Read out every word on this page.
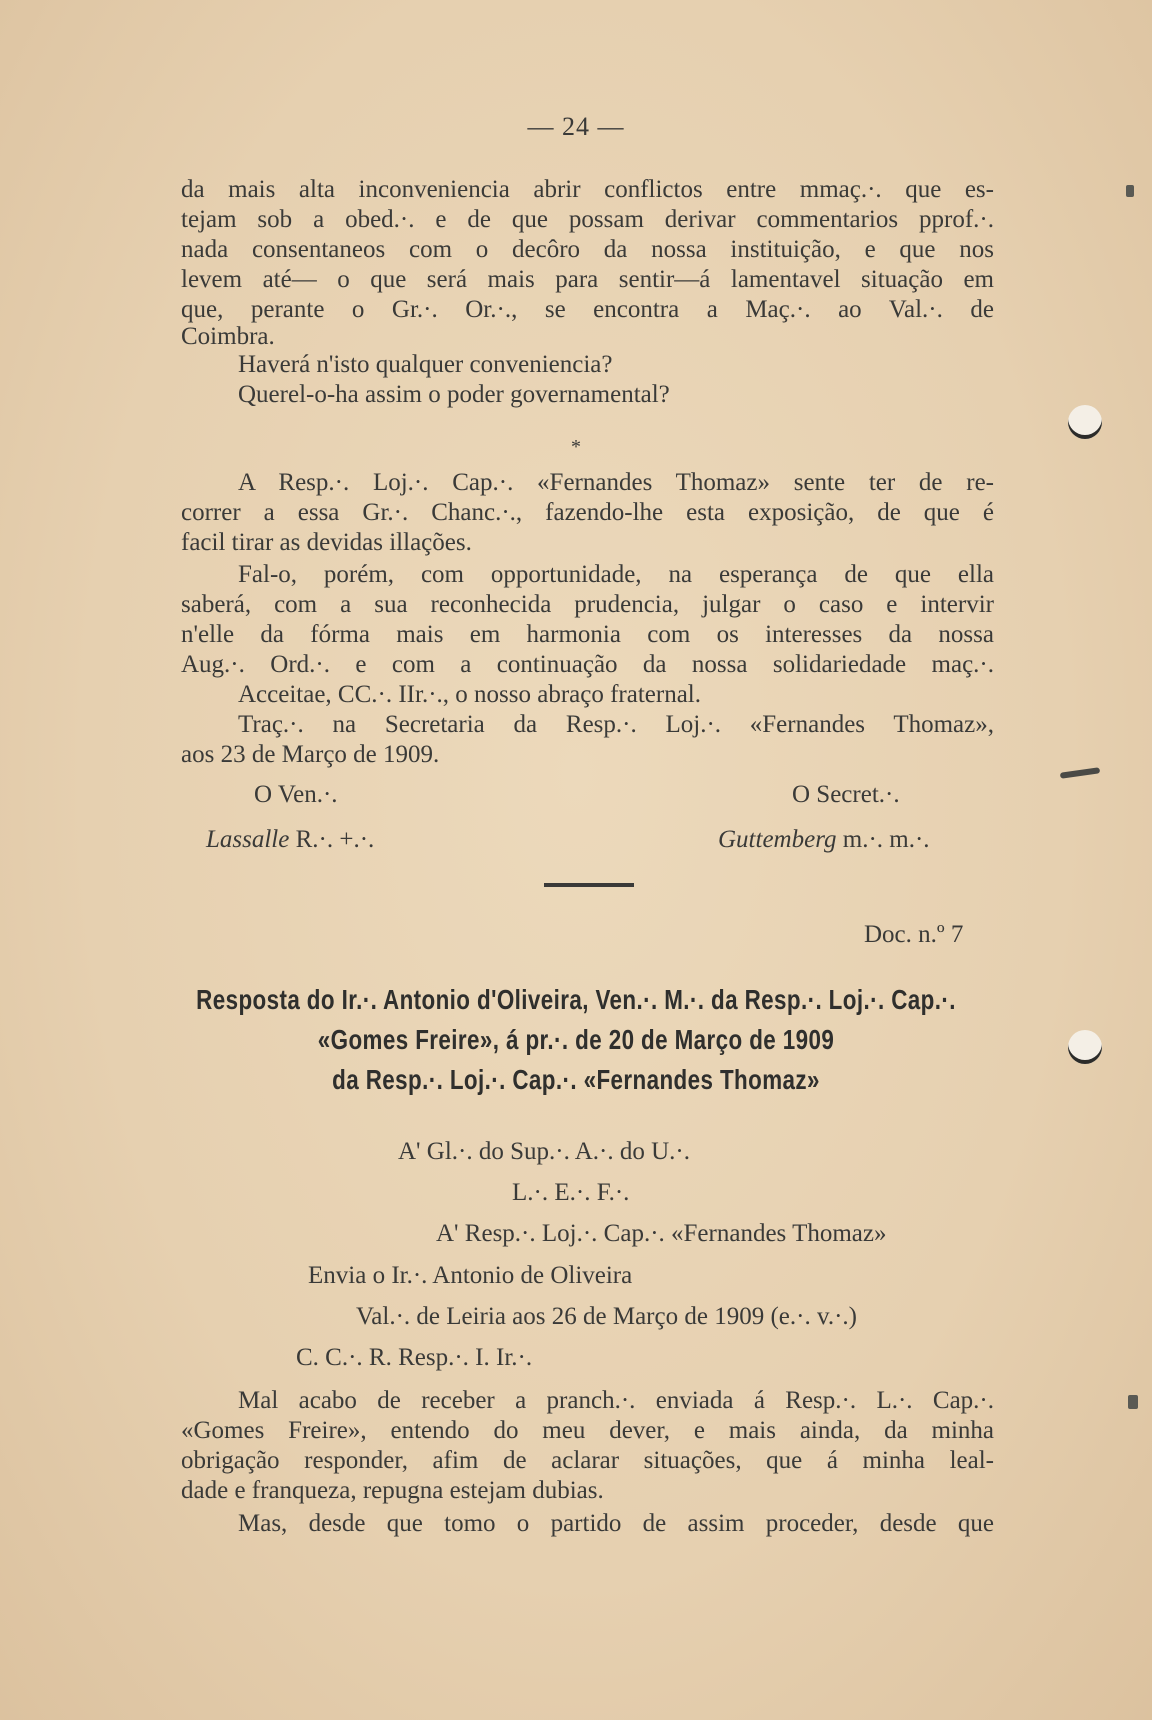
— 24 —
da mais alta inconveniencia abrir conflictos entre mmaç.·. que es-
tejam sob a obed.·. e de que possam derivar commentarios pprof.·.
nada consentaneos com o decôro da nossa instituição, e que nos
levem até— o que será mais para sentir—á lamentavel situação em
que, perante o Gr.·. Or.·., se encontra a Maç.·. ao Val.·. de
Coimbra.
Haverá n'isto qualquer conveniencia?
Querel-o-ha assim o poder governamental?
*
A Resp.·. Loj.·. Cap.·. «Fernandes Thomaz» sente ter de re-
correr a essa Gr.·. Chanc.·., fazendo-lhe esta exposição, de que é
facil tirar as devidas illações.
Fal-o, porém, com opportunidade, na esperança de que ella
saberá, com a sua reconhecida prudencia, julgar o caso e intervir
n'elle da fórma mais em harmonia com os interesses da nossa
Aug.·. Ord.·. e com a continuação da nossa solidariedade maç.·.
Acceitae, CC.·. IIr.·., o nosso abraço fraternal.
Traç.·. na Secretaria da Resp.·. Loj.·. «Fernandes Thomaz»,
aos 23 de Março de 1909.
O Ven.·.
Lassalle R.·. +.·.
O Secret.·.
Guttemberg m.·. m.·.
Doc. n.º 7
Resposta do Ir.·. Antonio d'Oliveira, Ven.·. M.·. da Resp.·. Loj.·. Cap.·.
«Gomes Freire», á pr.·. de 20 de Março de 1909
da Resp.·. Loj.·. Cap.·. «Fernandes Thomaz»
A' Gl.·. do Sup.·. A.·. do U.·.
L.·. E.·. F.·.
A' Resp.·. Loj.·. Cap.·. «Fernandes Thomaz»
Envia o Ir.·. Antonio de Oliveira
Val.·. de Leiria aos 26 de Março de 1909 (e.·. v.·.)
C. C.·. R. Resp.·. I. Ir.·.
Mal acabo de receber a pranch.·. enviada á Resp.·. L.·. Cap.·.
«Gomes Freire», entendo do meu dever, e mais ainda, da minha
obrigação responder, afim de aclarar situações, que á minha leal-
dade e franqueza, repugna estejam dubias.
Mas, desde que tomo o partido de assim proceder, desde que
